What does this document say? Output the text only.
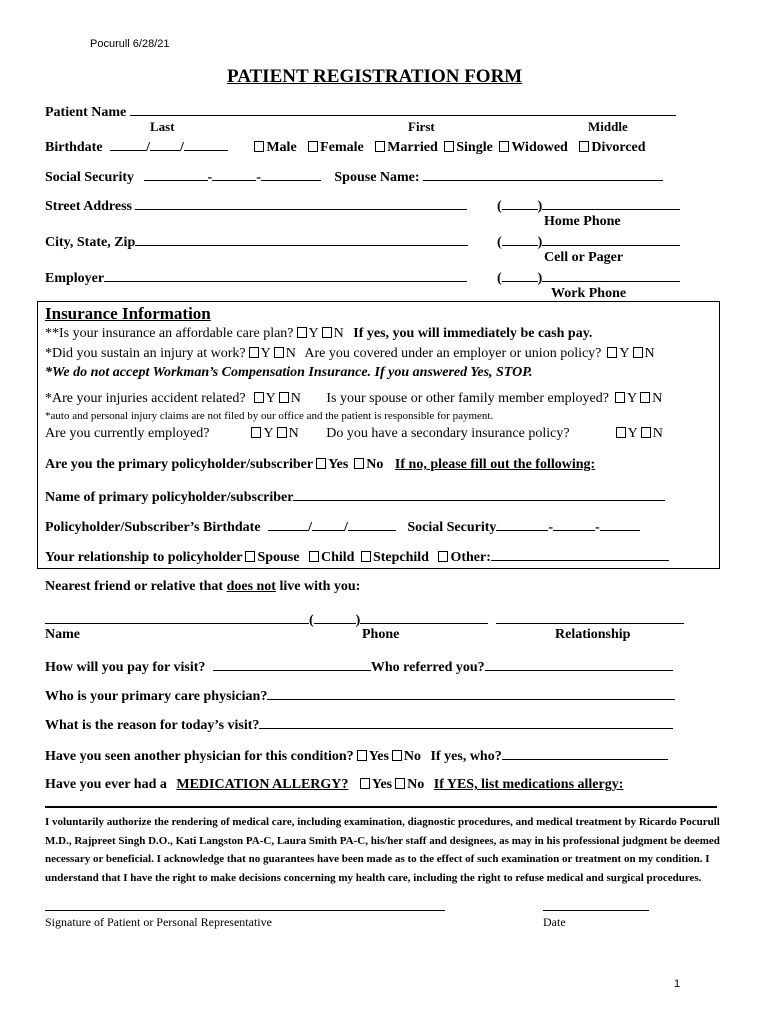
Pocurull 6/28/21
PATIENT REGISTRATION FORM
Patient Name
Last	First	Middle
Birthdate	/ /	Male Female Married Single Widowed Divorced
Social Security	-	-	Spouse Name:
Street Address	(	)
Home Phone
City, State, Zip	(	)
Cell or Pager
Employer	(	)
Work Phone
Insurance Information
**Is your insurance an affordable care plan? Y N If yes, you will immediately be cash pay.
*Did you sustain an injury at work? Y N Are you covered under an employer or union policy? Y N
*We do not accept Workman’s Compensation Insurance. If you answered Yes, STOP.
*Are your injuries accident related? Y N Is your spouse or other family member employed? Y N
*auto and personal injury claims are not filed by our office and the patient is responsible for payment.
Are you currently employed?	Y N Do you have a secondary insurance policy?	Y N
Are you the primary policyholder/subscriber Yes No If no, please fill out the following:
Name of primary policyholder/subscriber
Policyholder/Subscriber’s Birthdate	/ /	Social Security	-	-
Your relationship to policyholder Spouse Child Stepchild Other:
Nearest friend or relative that does not live with you:
(	)
Name	Phone	Relationship
How will you pay for visit?	Who referred you?
Who is your primary care physician?
What is the reason for today’s visit?
Have you seen another physician for this condition? Yes No If yes, who?
Have you ever had a MEDICATION ALLERGY? Yes No If YES, list medications allergy:
I voluntarily authorize the rendering of medical care, including examination, diagnostic procedures, and medical treatment by Ricardo Pocurull M.D., Rajpreet Singh D.O., Kati Langston PA-C, Laura Smith PA-C, his/her staff and designees, as may in his professional judgment be deemed necessary or beneficial. I acknowledge that no guarantees have been made as to the effect of such examination or treatment on my condition. I understand that I have the right to make decisions concerning my health care, including the right to refuse medical and surgical procedures.
Signature of Patient or Personal Representative	Date
1
